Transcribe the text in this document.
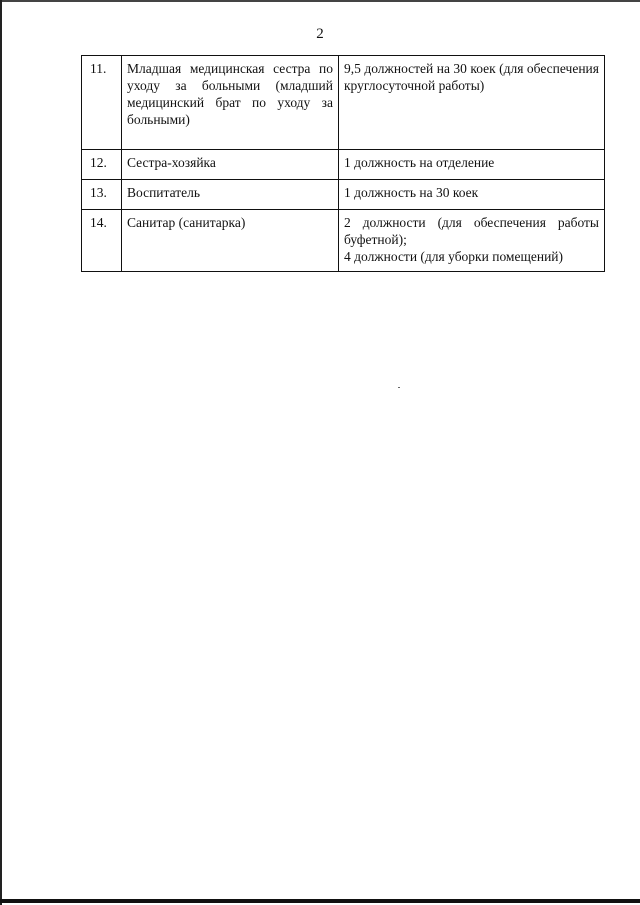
2
11.	Младшая медицинская сестра по уходу за больными (младший медицинский брат по уходу за больными)	9,5 должностей на 30 коек (для обеспечения круглосуточной работы)
12.	Сестра-хозяйка	1 должность на отделение
13.	Воспитатель	1 должность на 30 коек
14.	Санитар (санитарка)	2 должности (для обеспечения работы буфетной);
4 должности (для уборки помещений)
